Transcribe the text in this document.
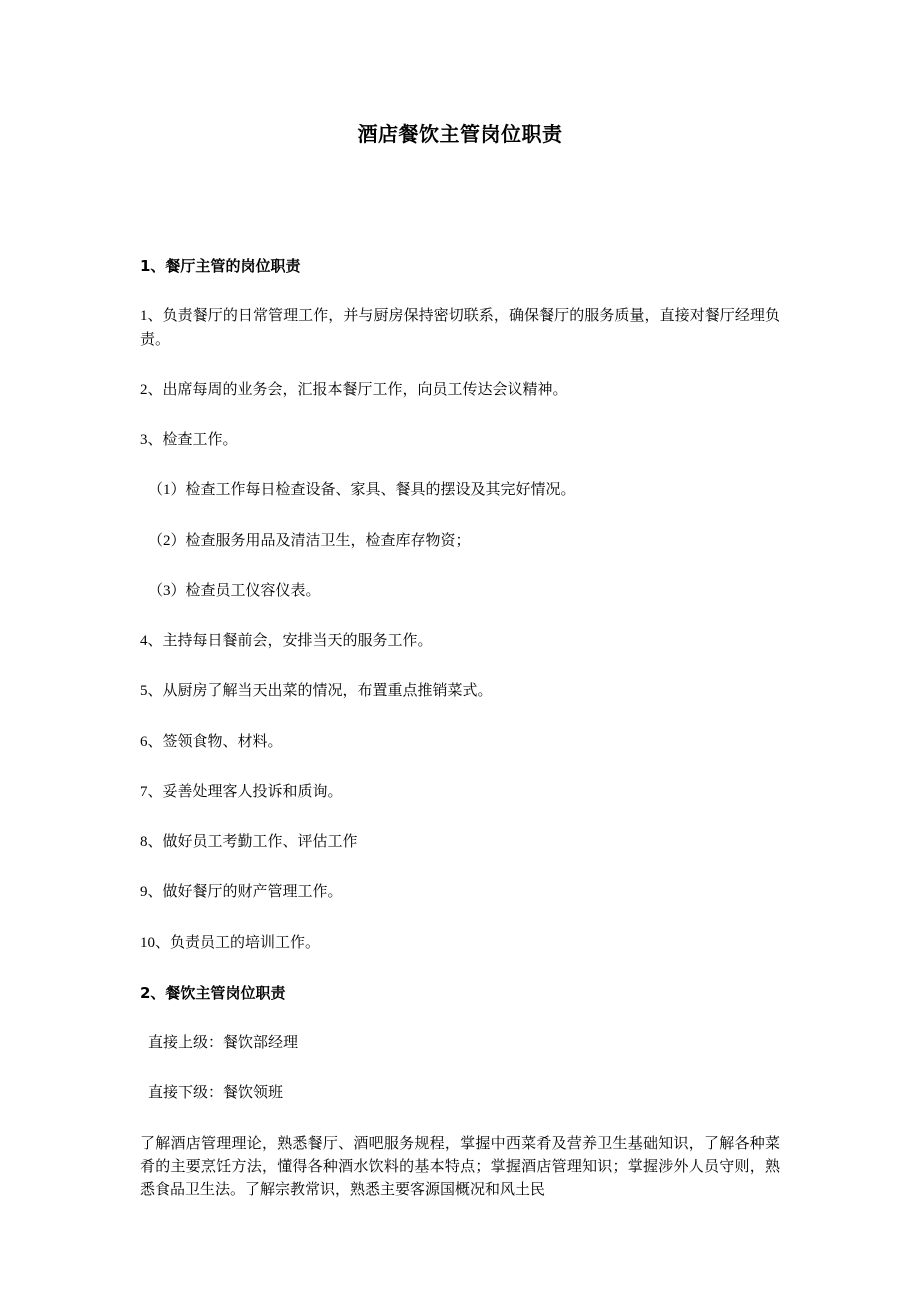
酒店餐饮主管岗位职责

1、餐厅主管的岗位职责

1、负责餐厅的日常管理工作，并与厨房保持密切联系，确保餐厅的服务质量，直接对餐厅经理负责。

2、出席每周的业务会，汇报本餐厅工作，向员工传达会议精神。

3、检查工作。

（1）检查工作每日检查设备、家具、餐具的摆设及其完好情况。

（2）检查服务用品及清洁卫生，检查库存物资；

（3）检查员工仪容仪表。

4、主持每日餐前会，安排当天的服务工作。

5、从厨房了解当天出菜的情况，布置重点推销菜式。

6、签领食物、材料。

7、妥善处理客人投诉和质询。

8、做好员工考勤工作、评估工作

9、做好餐厅的财产管理工作。

10、负责员工的培训工作。

2、餐饮主管岗位职责

直接上级：餐饮部经理

直接下级：餐饮领班

了解酒店管理理论，熟悉餐厅、酒吧服务规程，掌握中西菜肴及营养卫生基础知识，了解各种菜肴的主要烹饪方法，懂得各种酒水饮料的基本特点；掌握酒店管理知识；掌握涉外人员守则，熟悉食品卫生法。了解宗教常识，熟悉主要客源国概况和风土民
